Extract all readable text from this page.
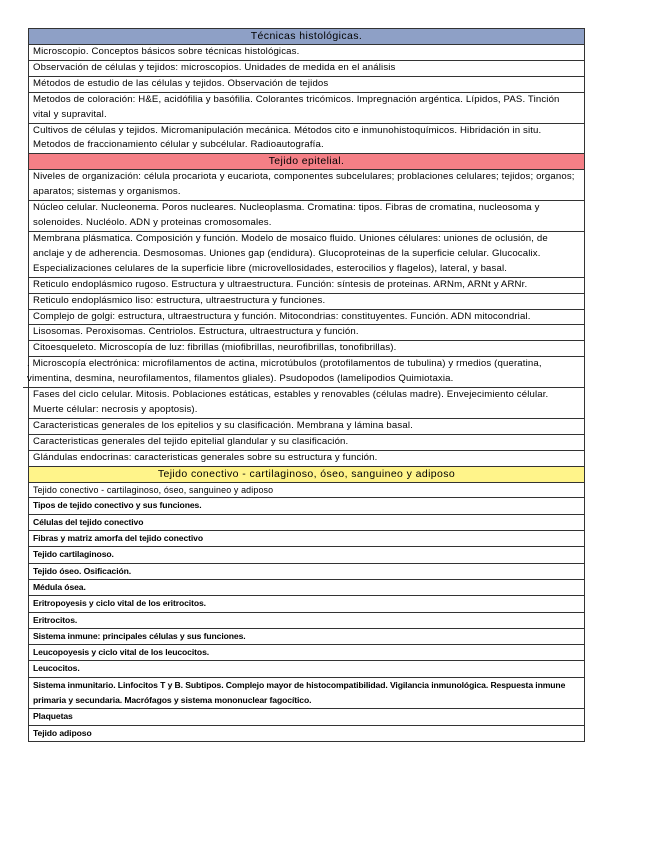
Técnicas histológicas.
Microscopio. Conceptos básicos sobre técnicas histológicas.
Observación de células y tejidos: microscopios. Unidades de medida en el análisis
Métodos de estudio de las células y tejidos. Observación de tejidos
Metodos de coloración: H&E, acidófilia y basófilia. Colorantes tricómicos. Impregnación argéntica. Lípidos, PAS. Tinción vital y supravital.
Cultivos de células y tejidos. Micromanipulación mecánica. Métodos cito e inmunohistoquímicos. Hibridación in situ. Metodos de fraccionamiento célular y subcélular. Radioautografía.
Tejido epitelial.
Niveles de organización: célula procariota y eucariota, componentes subcelulares; problaciones celulares; tejidos; organos; aparatos; sistemas y organismos.
Núcleo celular. Nucleonema. Poros nucleares. Nucleoplasma. Cromatina: tipos. Fibras de cromatina, nucleosoma y solenoides. Nucléolo. ADN y proteinas cromosomales.
Membrana plásmatica. Composición y función. Modelo de mosaico fluido. Uniones célulares: uniones de oclusión, de anclaje y de adherencia. Desmosomas. Uniones gap (endidura). Glucoproteinas de la superficie celular. Glucocalix. Especializaciones celulares de la superficie libre (microvellosidades, esterocilios y flagelos), lateral, y basal.
Reticulo endoplásmico rugoso. Estructura y ultraestructura. Función: síntesis de proteinas. ARNm, ARNt y ARNr.
Reticulo endoplásmico liso: estructura, ultraestructura y funciones.
Complejo de golgi: estructura, ultraestructura y función. Mitocondrias: constituyentes. Función. ADN mitocondrial.
Lisosomas. Peroxisomas. Centriolos. Estructura, ultraestructura y función.
Citoesqueleto. Microscopía de luz: fibrillas (miofibrillas, neurofibrillas, tonofibrillas).
. Microscopía electrónica: microfilamentos de actina, microtúbulos (protofilamentos de tubulina) y rmedios (queratina, vimentina, desmina, neurofilamentos, filamentos gliales). Psudopodos (lamelipodios Quimiotaxia.
Fases del ciclo celular. Mitosis. Poblaciones estáticas, estables y renovables (células madre). Envejecimiento célular. Muerte célular: necrosis y apoptosis).
Caracteristicas generales de los epitelios y su clasificación. Membrana y lámina basal.
Caracteristicas generales del tejido epitelial glandular y su clasificación.
Glándulas endocrinas: caracteristicas generales sobre su estructura y función.
Tejido conectivo - cartilaginoso, óseo, sanguineo y adiposo
Tejido conectivo - cartilaginoso, óseo, sanguineo y adiposo
Tipos de tejido conectivo y sus funciones.
Células del tejido conectivo
Fibras y matriz amorfa del tejido conectivo
Tejido cartilaginoso.
Tejido óseo. Osificación.
Médula ósea.
Eritropoyesis y ciclo vital de los eritrocitos.
Eritrocitos.
Sistema inmune: principales células y sus funciones.
Leucopoyesis y ciclo vital de los leucocitos.
Leucocitos.
Sistema inmunitario. Linfocitos T y B. Subtipos. Complejo mayor de histocompatibilidad. Vigilancia inmunológica. Respuesta inmune primaria y secundaria. Macrófagos y sistema mononuclear fagocítico.
Plaquetas
Tejido adiposo
